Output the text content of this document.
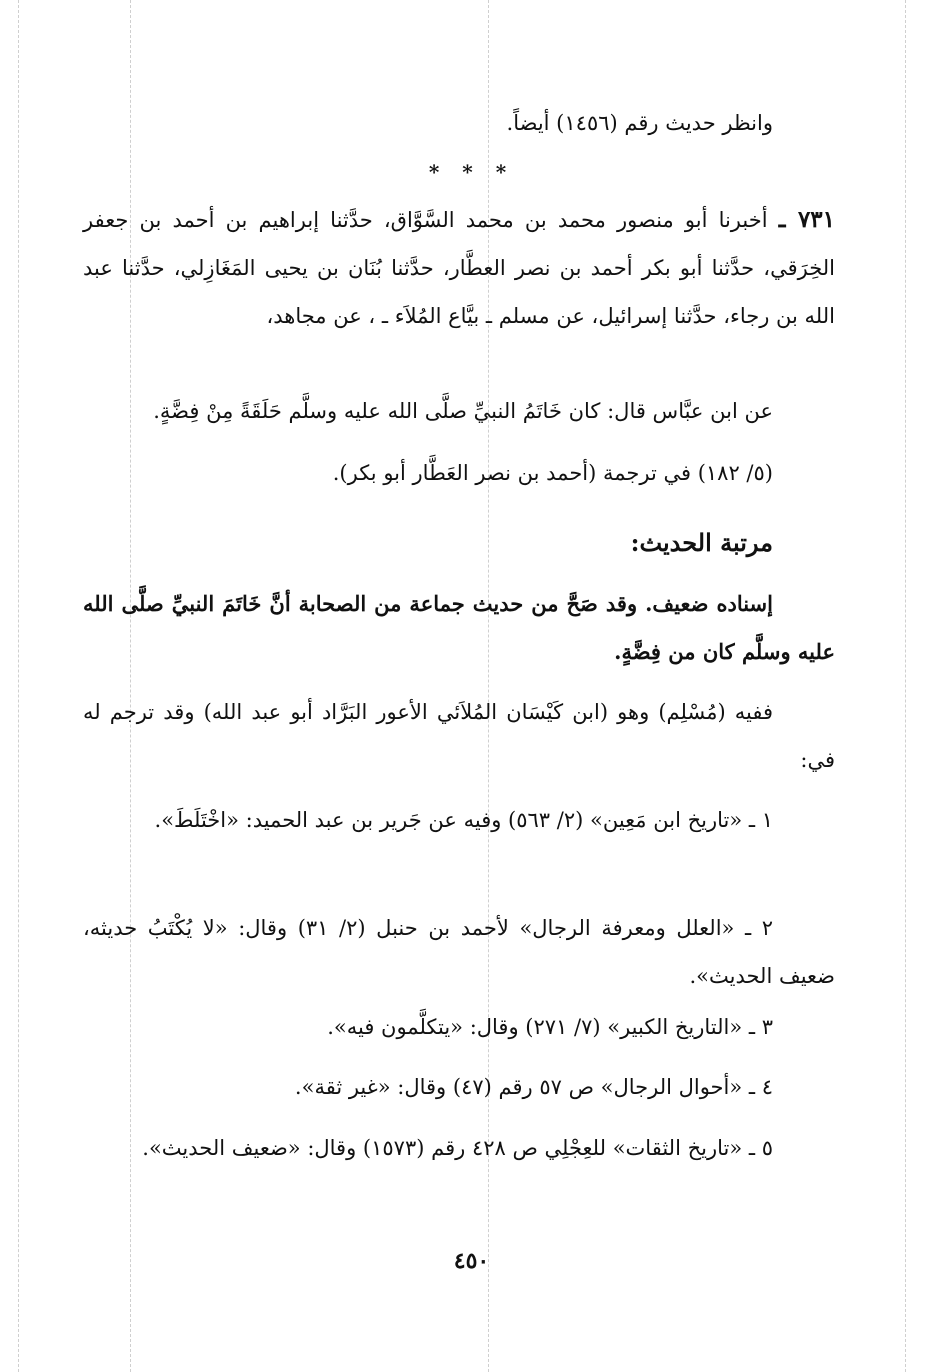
وانظر حديث رقم (١٤٥٦) أيضاً.
* * *
٧٣١ ـ أخبرنا أبو منصور محمد بن محمد السَّوَّاق، حدَّثنا إبراهيم بن أحمد بن جعفر الخِرَقي، حدَّثنا أبو بكر أحمد بن نصر العطَّار، حدَّثنا بُنَان بن يحيى المَغَازِلي، حدَّثنا عبد الله بن رجاء، حدَّثنا إسرائيل، عن مسلم ـ بيَّاع المُلاَء ـ ، عن مجاهد،
عن ابن عبَّاس قال: كان خَاتَمُ النبيِّ صلَّى الله عليه وسلَّم حَلَقَةً مِنْ فِضَّةٍ.
(٥/ ١٨٢) في ترجمة (أحمد بن نصر العَطَّار أبو بكر).
مرتبة الحديث:
إسناده ضعيف. وقد صَحَّ من حديث جماعة من الصحابة أنَّ خَاتَمَ النبيِّ صلَّى الله عليه وسلَّم كان من فِضَّةٍ.
ففيه (مُسْلِم) وهو (ابن كَيْسَان المُلاَئي الأعور البَرَّاد أبو عبد الله) وقد ترجم له في:
١ ـ «تاريخ ابن مَعِين» (٢/ ٥٦٣) وفيه عن جَرير بن عبد الحميد: «اخْتَلَطَ».
٢ ـ «العلل ومعرفة الرجال» لأحمد بن حنبل (٢/ ٣١) وقال: «لا يُكْتَبُ حديثه، ضعيف الحديث».
٣ ـ «التاريخ الكبير» (٧/ ٢٧١) وقال: «يتكلَّمون فيه».
٤ ـ «أحوال الرجال» ص ٥٧ رقم (٤٧) وقال: «غير ثقة».
٥ ـ «تاريخ الثقات» للعِجْلِي ص ٤٢٨ رقم (١٥٧٣) وقال: «ضعيف الحديث».
٤٥٠
